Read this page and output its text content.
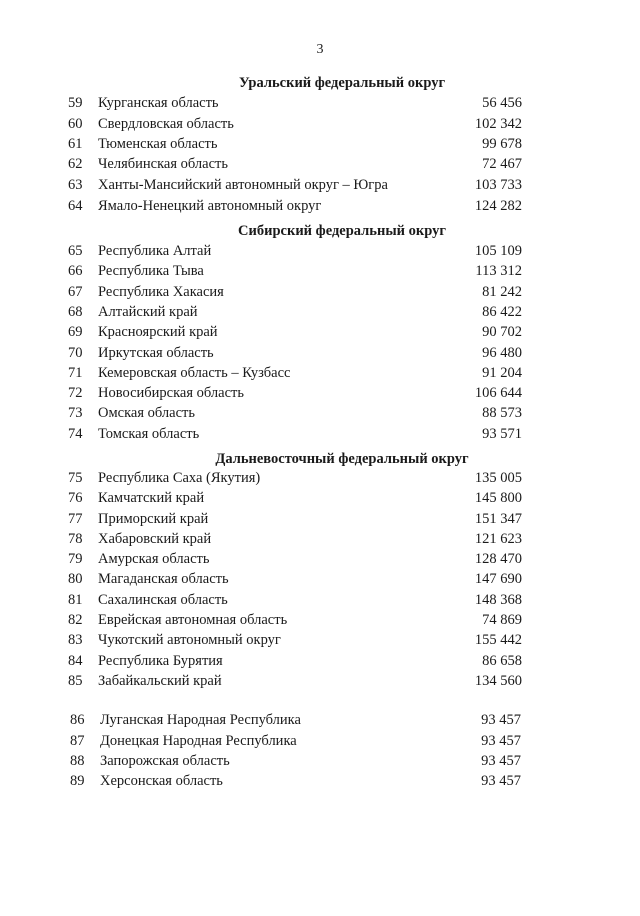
3
Уральский федеральный округ
59	Курганская область	56 456
60	Свердловская область	102 342
61	Тюменская область	99 678
62	Челябинская область	72 467
63	Ханты-Мансийский автономный округ – Югра	103 733
64	Ямало-Ненецкий автономный округ	124 282
Сибирский федеральный округ
65	Республика Алтай	105 109
66	Республика Тыва	113 312
67	Республика Хакасия	81 242
68	Алтайский край	86 422
69	Красноярский край	90 702
70	Иркутская область	96 480
71	Кемеровская область – Кузбасс	91 204
72	Новосибирская область	106 644
73	Омская область	88 573
74	Томская область	93 571
Дальневосточный федеральный округ
75	Республика Саха (Якутия)	135 005
76	Камчатский край	145 800
77	Приморский край	151 347
78	Хабаровский край	121 623
79	Амурская область	128 470
80	Магаданская область	147 690
81	Сахалинская область	148 368
82	Еврейская автономная область	74 869
83	Чукотский автономный округ	155 442
84	Республика Бурятия	86 658
85	Забайкальский край	134 560
86	Луганская Народная Республика	93 457
87	Донецкая Народная Республика	93 457
88	Запорожская область	93 457
89	Херсонская область	93 457
